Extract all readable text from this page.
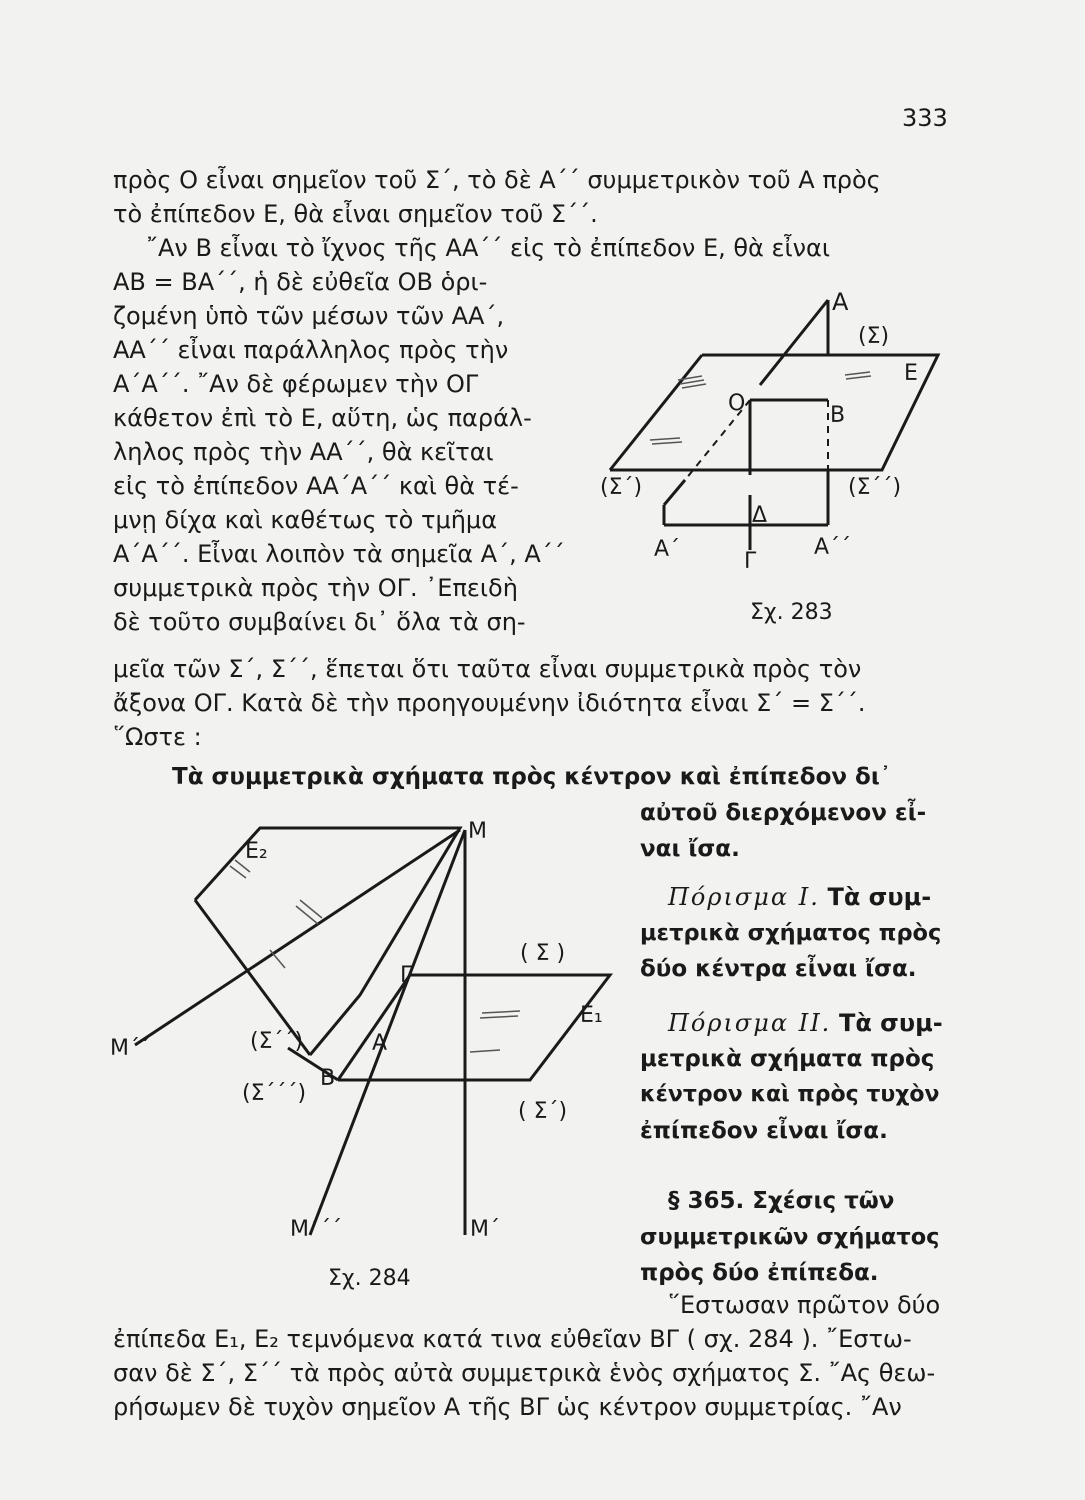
333
πρὸς Ο εἶναι σημεῖον τοῦ Σ΄, τὸ δὲ Α΄΄ συμμετρικὸν τοῦ Α πρὸς
τὸ ἐπίπεδον Ε, θὰ εἶναι σημεῖον τοῦ Σ΄΄.
῎Αν Β εἶναι τὸ ἴχνος τῆς ΑΑ΄΄ εἰς τὸ ἐπίπεδον Ε, θὰ εἶναι
ΑΒ = ΒΑ΄΄, ἡ δὲ εὐθεῖα ΟΒ ὁρι-
ζομένη ὑπὸ τῶν μέσων τῶν ΑΑ΄,
ΑΑ΄΄ εἶναι παράλληλος πρὸς τὴν
Α΄Α΄΄. ῎Αν δὲ φέρωμεν τὴν ΟΓ
κάθετον ἐπὶ τὸ Ε, αὕτη, ὡς παράλ-
ληλος πρὸς τὴν ΑΑ΄΄, θὰ κεῖται
εἰς τὸ ἐπίπεδον ΑΑ΄Α΄΄ καὶ θὰ τέ-
μνῃ δίχα καὶ καθέτως τὸ τμῆμα
Α΄Α΄΄. Εἶναι λοιπὸν τὰ σημεῖα Α΄, Α΄΄
συμμετρικὰ πρὸς τὴν ΟΓ. ᾿Επειδὴ
δὲ τοῦτο συμβαίνει δι᾿ ὅλα τὰ ση-
Α
(Σ)
Ε
Ο	Β
(Σ΄)	(Σ΄΄)
Δ
Α΄	Γ
Α΄΄
Σχ. 283
μεῖα τῶν Σ΄, Σ΄΄, ἕπεται ὅτι ταῦτα εἶναι συμμετρικὰ πρὸς τὸν
ἄξονα ΟΓ. Κατὰ δὲ τὴν προηγουμένην ἰδιότητα εἶναι Σ΄ = Σ΄΄.
῞Ωστε :
Τὰ συμμετρικὰ σχήματα πρὸς κέντρον καὶ ἐπίπεδον δι᾿
αὐτοῦ διερχόμενον εἶ-
ναι ἴσα.
Πόρισμα Ι. Τὰ συμ-
μετρικὰ σχήματος πρὸς
δύο κέντρα εἶναι ἴσα.
Πόρισμα ΙΙ. Τὰ συμ-
μετρικὰ σχήματα πρὸς
κέντρον καὶ πρὸς τυχὸν
ἐπίπεδον εἶναι ἴσα.
§ 365. Σχέσις τῶν
συμμετρικῶν σχήματος
πρὸς δύο ἐπίπεδα.
῞Εστωσαν πρῶτον δύο
Ε₂
Μ
( Σ )
Γ
Ε₁
Μ΄΄	(Σ΄΄)	Α
(Σ΄΄΄)
Β
( Σ΄)
Μ΄΄΄	Μ΄
Σχ. 284
ἐπίπεδα Ε₁, Ε₂ τεμνόμενα κατά τινα εὐθεῖαν ΒΓ ( σχ. 284 ). ῎Εστω-
σαν δὲ Σ΄, Σ΄΄ τὰ πρὸς αὐτὰ συμμετρικὰ ἑνὸς σχήματος Σ. ῎Ας θεω-
ρήσωμεν δὲ τυχὸν σημεῖον Α τῆς ΒΓ ὡς κέντρον συμμετρίας. ῎Αν
